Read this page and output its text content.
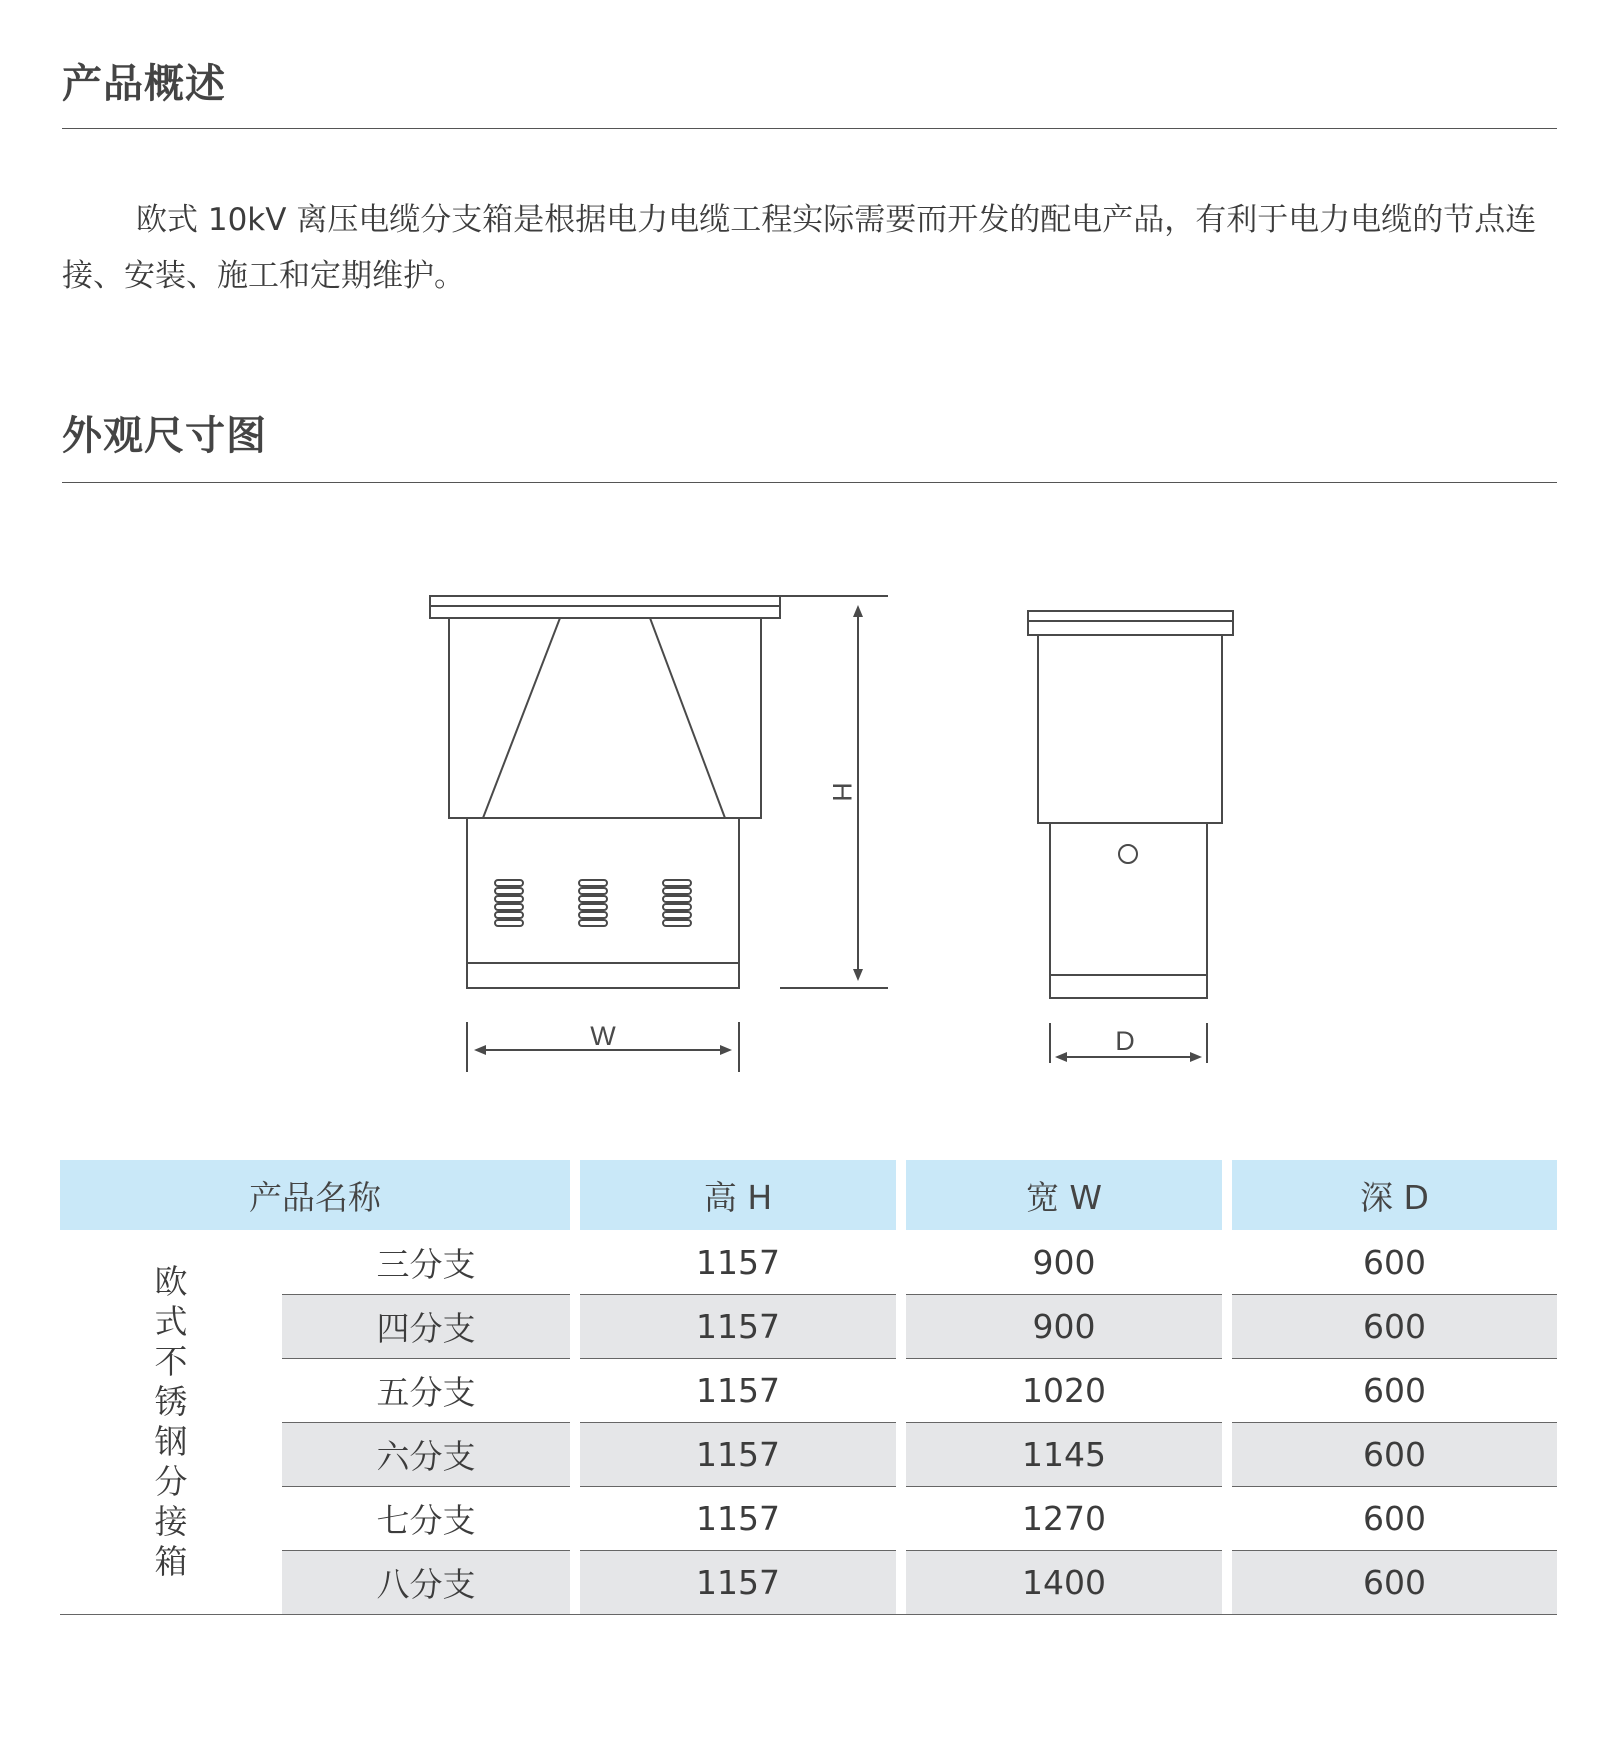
产品概述

欧式 10kV 离压电缆分支箱是根据电力电缆工程实际需要而开发的配电产品，有利于电力电缆的节点连接、安装、施工和定期维护。

外观尺寸图
W	D
H
产品名称	高 H	宽 W	深 D
欧
式
不
锈
钢
分
接
箱
三分支	1157	900	600
四分支	1157	900	600
五分支	1157	1020	600
六分支	1157	1145	600
七分支	1157	1270	600
八分支	1157	1400	600
